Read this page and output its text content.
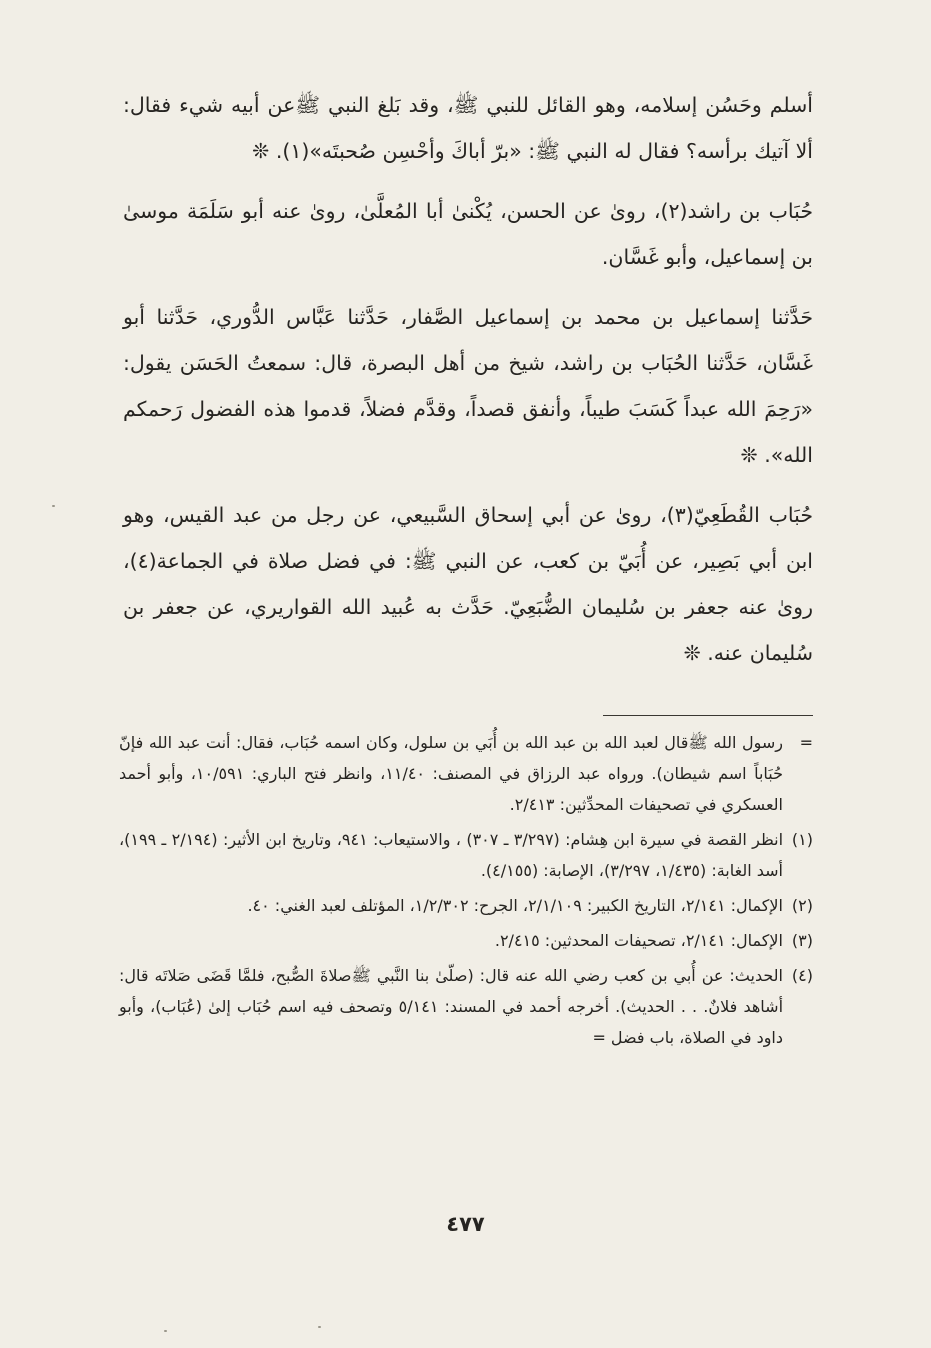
أسلم وحَسُن إسلامه، وهو القائل للنبي ﷺ، وقد بَلغ النبي ﷺعن أبيه شيء فقال: ألا آتيك برأسه؟ فقال له النبي ﷺ: «برّ أباكَ وأحْسِن صُحبتَه»(١). ❊

حُبَاب بن راشد(٢)، روىٰ عن الحسن، يُكْنىٰ أبا المُعلَّىٰ، روىٰ عنه أبو سَلَمَة موسىٰ بن إسماعيل، وأبو غَسَّان.

حَدَّثنا إسماعيل بن محمد بن إسماعيل الصَّفار، حَدَّثنا عَبَّاس الدُّوري، حَدَّثنا أبو غَسَّان، حَدَّثنا الحُبَاب بن راشد، شيخ من أهل البصرة، قال: سمعتُ الحَسَن يقول: «رَحِمَ الله عبداً كَسَبَ طيباً، وأنفق قصداً، وقدَّم فضلاً، قدموا هذه الفضول رَحمكم الله». ❊

حُبَاب القُطَعِيّ(٣)، روىٰ عن أبي إسحاق السَّبيعي، عن رجل من عبد القيس، وهو ابن أبي بَصِير، عن أُبَيّ بن كعب، عن النبي ﷺ: في فضل صلاة في الجماعة(٤)، روىٰ عنه جعفر بن سُليمان الضُّبَعِيّ. حَدَّث به عُبيد الله القواريري، عن جعفر بن سُليمان عنه. ❊

=
رسول الله ﷺقال لعبد الله بن عبد الله بن أُبَي بن سلول، وكان اسمه حُبَاب، فقال: أنت عبد الله فإنّ حُبَاباً اسم شيطان). ورواه عبد الرزاق في المصنف: ١١/٤٠، وانظر فتح الباري: ١٠/٥٩١، وأبو أحمد العسكري في تصحيفات المحدِّثين: ٢/٤١٣.
(١)
انظر القصة في سيرة ابن هِشام: (٣/٢٩٧ ـ ٣٠٧) ، والاستيعاب: ٩٤١، وتاريخ ابن الأثير: (٢/١٩٤ ـ ١٩٩)، أسد الغابة: (١/٤٣٥، ٣/٢٩٧)، الإصابة: (٤/١٥٥).
(٢)
الإكمال: ٢/١٤١، التاريخ الكبير: ٢/١/١٠٩، الجرح: ١/٢/٣٠٢، المؤتلف لعبد الغني: ٤٠.
(٣)
الإكمال: ٢/١٤١، تصحيفات المحدثين: ٢/٤١٥.
(٤)
الحديث: عن أُبي بن كعب رضي الله عنه قال: (صلّىٰ بنا النَّبي ﷺصلاةَ الصُّبح، فلمَّا قَضَى صَلاتَه قال: أشاهد فلانٌ. . . الحديث). أخرجه أحمد في المسند: ٥/١٤١ وتصحف فيه اسم حُبَاب إلىٰ (عُبَاب)، وأبو داود في الصلاة، باب فضل =
٤٧٧
